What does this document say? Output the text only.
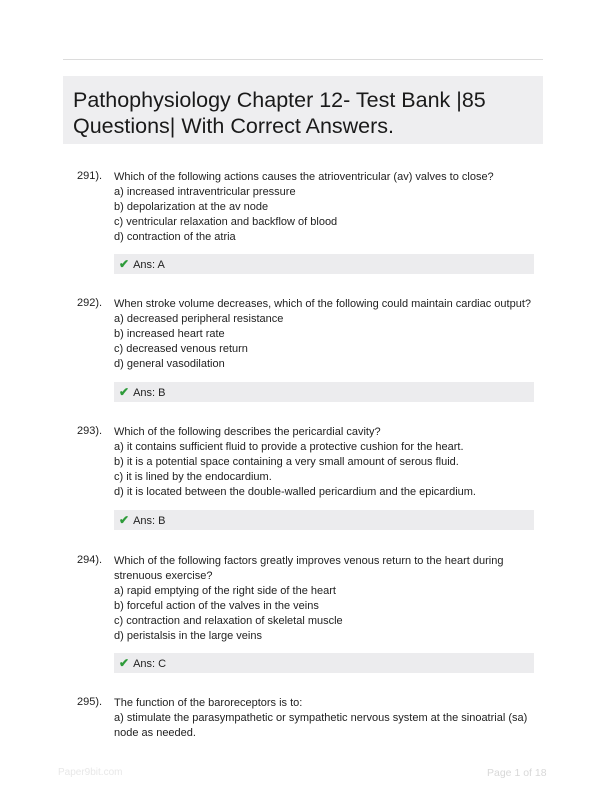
Pathophysiology Chapter 12- Test Bank |85 Questions| With Correct Answers.
291). Which of the following actions causes the atrioventricular (av) valves to close?
a) increased intraventricular pressure
b) depolarization at the av node
c) ventricular relaxation and backflow of blood
d) contraction of the atria
✔ Ans: A
292). When stroke volume decreases, which of the following could maintain cardiac output?
a) decreased peripheral resistance
b) increased heart rate
c) decreased venous return
d) general vasodilation
✔ Ans: B
293). Which of the following describes the pericardial cavity?
a) it contains sufficient fluid to provide a protective cushion for the heart.
b) it is a potential space containing a very small amount of serous fluid.
c) it is lined by the endocardium.
d) it is located between the double-walled pericardium and the epicardium.
✔ Ans: B
294). Which of the following factors greatly improves venous return to the heart during strenuous exercise?
a) rapid emptying of the right side of the heart
b) forceful action of the valves in the veins
c) contraction and relaxation of skeletal muscle
d) peristalsis in the large veins
✔ Ans: C
295). The function of the baroreceptors is to:
a) stimulate the parasympathetic or sympathetic nervous system at the sinoatrial (sa) node as needed.
Paper9bit.com	Page 1 of 18
